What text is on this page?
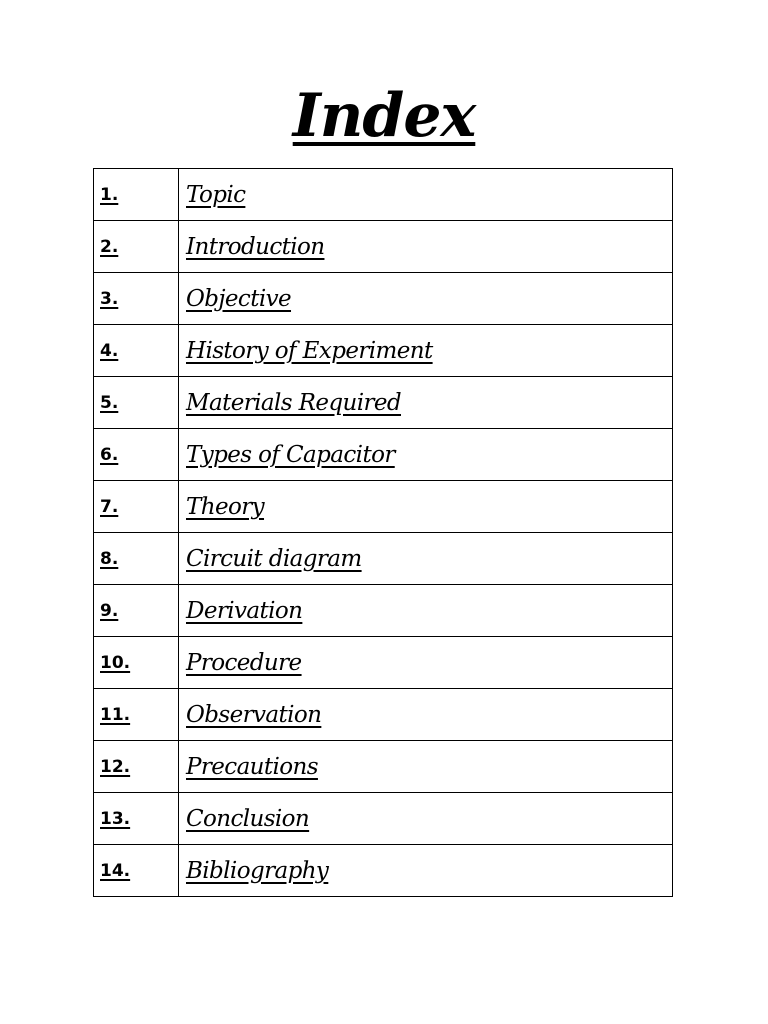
Index
1.	Topic
2.	Introduction
3.	Objective
4.	History of Experiment
5.	Materials Required
6.	Types of Capacitor
7.	Theory
8.	Circuit diagram
9.	Derivation
10.	Procedure
11.	Observation
12.	Precautions
13.	Conclusion
14.	Bibliography
